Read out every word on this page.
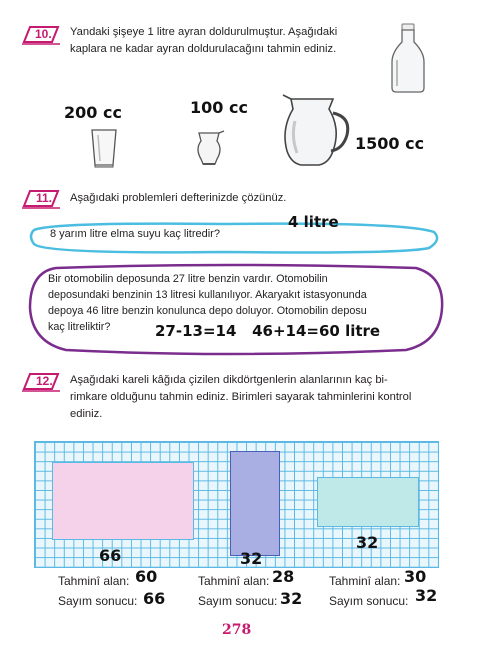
10. Yandaki şişeye 1 litre ayran doldurulmuştur. Aşağıdaki
kaplara ne kadar ayran doldurulacağını tahmin ediniz.
200 cc	100 cc
1500 cc
11. Aşağıdaki problemleri defterinizde çözünüz.
8 yarım litre elma suyu kaç litredir?
4 litre
Bir otomobilin deposunda 27 litre benzin vardır. Otomobilin
deposundaki benzinin 13 litresi kullanılıyor. Akaryakıt istasyonunda
depoya 46 litre benzin konulunca depo doluyor. Otomobilin deposu
kaç litreliktir?	27-13=14   46+14=60 litre
12. Aşağıdaki kareli kâğıda çizilen dikdörtgenlerin alanlarının kaç bi-
rimkare olduğunu tahmin ediniz. Birimleri sayarak tahminlerini kontrol
ediniz.
66	32
32
Tahminî alan: 60
Sayım sonucu: 66
Tahminî alan: 28
Sayım sonucu: 32
Tahminî alan: 30
Sayım sonucu: 32
278
